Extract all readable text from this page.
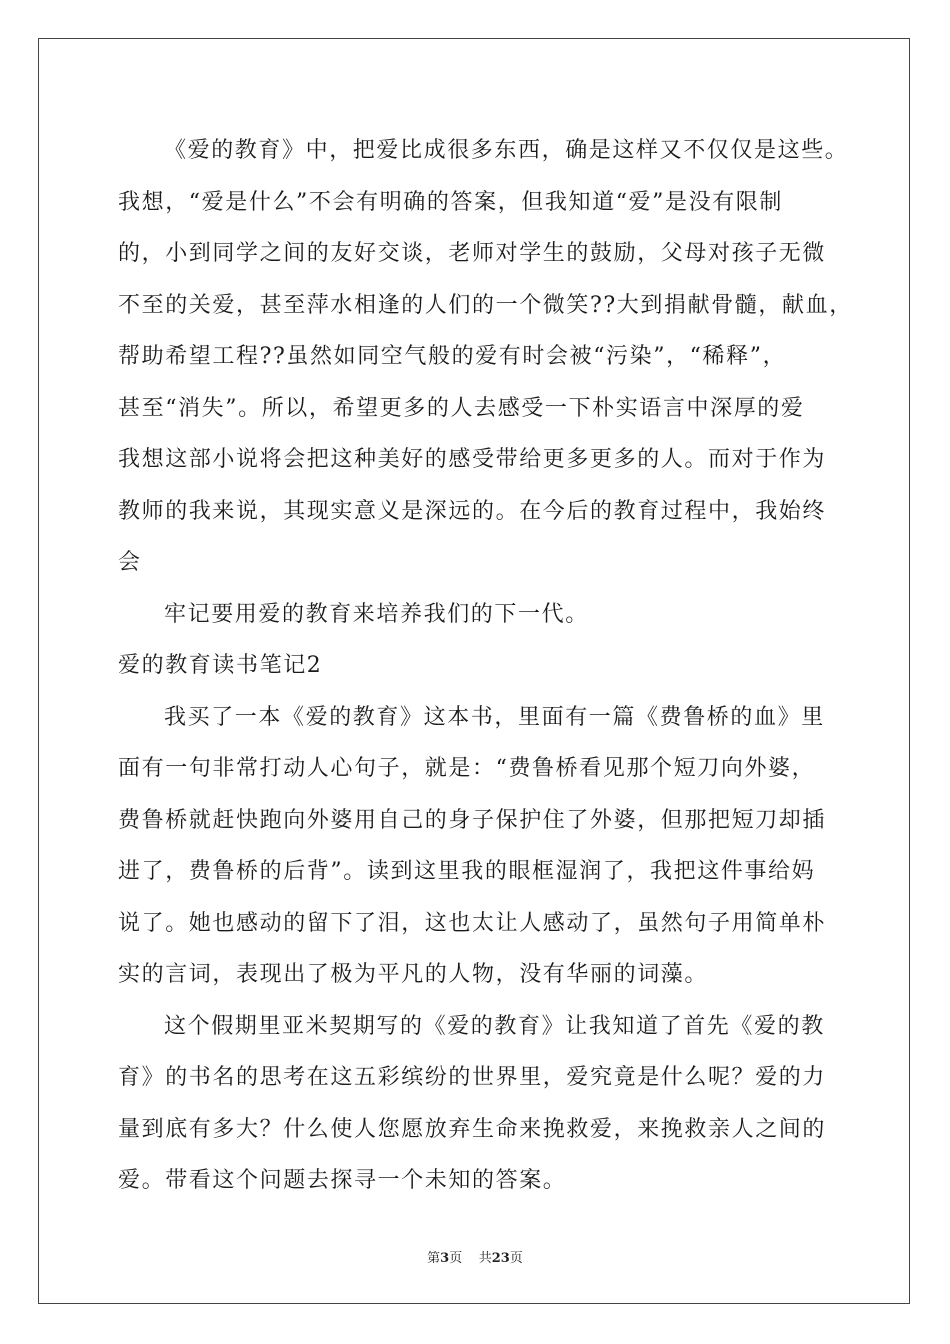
《爱的教育》中，把爱比成很多东西，确是这样又不仅仅是这些。
我想，“爱是什么”不会有明确的答案，但我知道“爱”是没有限制
的，小到同学之间的友好交谈，老师对学生的鼓励，父母对孩子无微
不至的关爱，甚至萍水相逢的人们的一个微笑??大到捐献骨髓，献血，
帮助希望工程??虽然如同空气般的爱有时会被“污染”，“稀释”，
甚至“消失”。所以，希望更多的人去感受一下朴实语言中深厚的爱
我想这部小说将会把这种美好的感受带给更多更多的人。而对于作为
教师的我来说，其现实意义是深远的。在今后的教育过程中，我始终
会
牢记要用爱的教育来培养我们的下一代。
爱的教育读书笔记2
我买了一本《爱的教育》这本书，里面有一篇《费鲁桥的血》里
面有一句非常打动人心句子，就是：“费鲁桥看见那个短刀向外婆，
费鲁桥就赶快跑向外婆用自己的身子保护住了外婆，但那把短刀却插
进了，费鲁桥的后背”。读到这里我的眼框湿润了，我把这件事给妈
说了。她也感动的留下了泪，这也太让人感动了，虽然句子用简单朴
实的言词，表现出了极为平凡的人物，没有华丽的词藻。
这个假期里亚米契期写的《爱的教育》让我知道了首先《爱的教
育》的书名的思考在这五彩缤纷的世界里，爱究竟是什么呢？爱的力
量到底有多大？什么使人您愿放弃生命来挽救爱，来挽救亲人之间的
爱。带看这个问题去探寻一个未知的答案。
第3页 共23页
